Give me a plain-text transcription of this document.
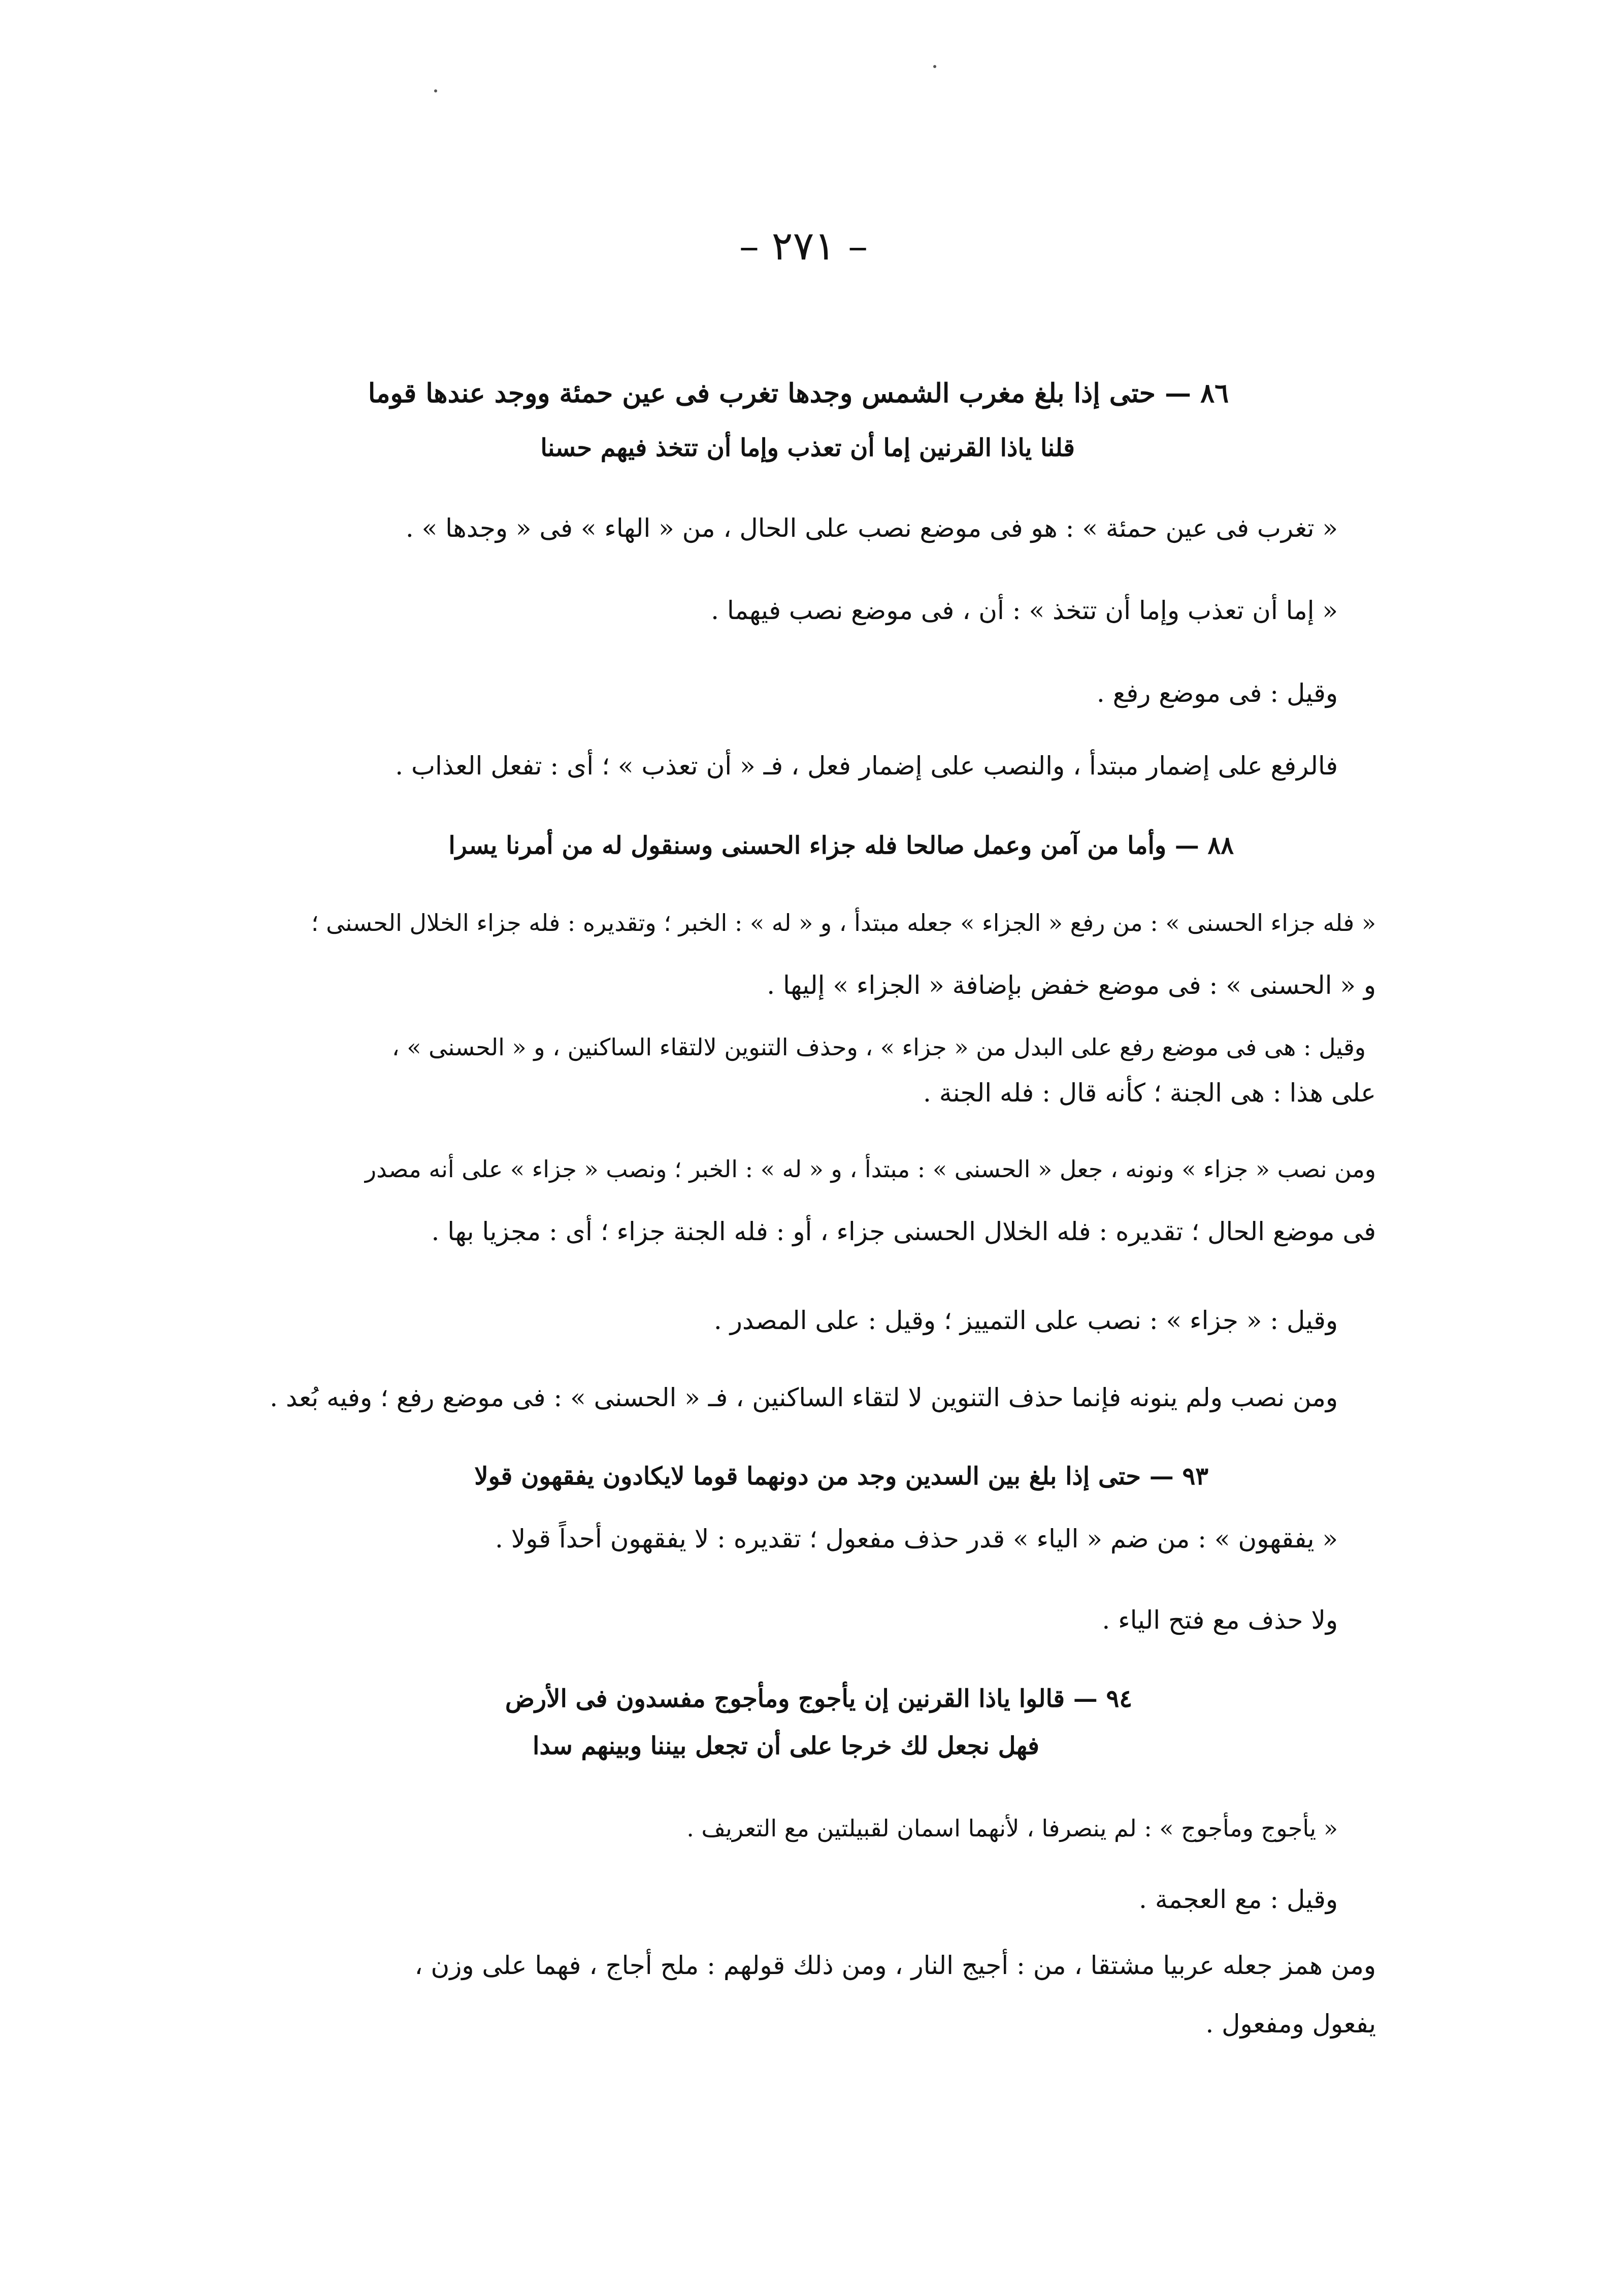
– ٢٧١ –
٨٦ — حتى إذا بلغ مغرب الشمس وجدها تغرب فى عين حمئة ووجد عندها قوما
قلنا ياذا القرنين إما أن تعذب وإما أن تتخذ فيهم حسنا
« تغرب فى عين حمئة » : هو فى موضع نصب على الحال ، من « الهاء » فى « وجدها » .
« إما أن تعذب وإما أن تتخذ » : أن ، فى موضع نصب فيهما .
وقيل : فى موضع رفع .
فالرفع على إضمار مبتدأ ، والنصب على إضمار فعل ، فـ « أن تعذب » ؛ أى : تفعل العذاب .
٨٨ — وأما من آمن وعمل صالحا فله جزاء الحسنى وسنقول له من أمرنا يسرا
« فله جزاء الحسنى » : من رفع « الجزاء » جعله مبتدأ ، و « له » : الخبر ؛ وتقديره : فله جزاء الخلال الحسنى ؛
و « الحسنى » : فى موضع خفض بإضافة « الجزاء » إليها .
وقيل : هى فى موضع رفع على البدل من « جزاء » ، وحذف التنوين لالتقاء الساكنين ، و « الحسنى » ،
على هذا : هى الجنة ؛ كأنه قال : فله الجنة .
ومن نصب « جزاء » ونونه ، جعل « الحسنى » : مبتدأ ، و « له » : الخبر ؛ ونصب « جزاء » على أنه مصدر
فى موضع الحال ؛ تقديره : فله الخلال الحسنى جزاء ، أو : فله الجنة جزاء ؛ أى : مجزيا بها .
وقيل : « جزاء » : نصب على التمييز ؛ وقيل : على المصدر .
ومن نصب ولم ينونه فإنما حذف التنوين لا لتقاء الساكنين ، فـ « الحسنى » : فى موضع رفع ؛ وفيه بُعد .
٩٣ — حتى إذا بلغ بين السدين وجد من دونهما قوما لايكادون يفقهون قولا
« يفقهون » : من ضم « الياء » قدر حذف مفعول ؛ تقديره : لا يفقهون أحداً قولا .
ولا حذف مع فتح الياء .
٩٤ — قالوا ياذا القرنين إن يأجوج ومأجوج مفسدون فى الأرض
فهل نجعل لك خرجا على أن تجعل بيننا وبينهم سدا
« يأجوج ومأجوج » : لم ينصرفا ، لأنهما اسمان لقبيلتين مع التعريف .
وقيل : مع العجمة .
ومن همز جعله عربيا مشتقا ، من : أجيج النار ، ومن ذلك قولهم : ملح أجاج ، فهما على وزن ،
يفعول ومفعول .
